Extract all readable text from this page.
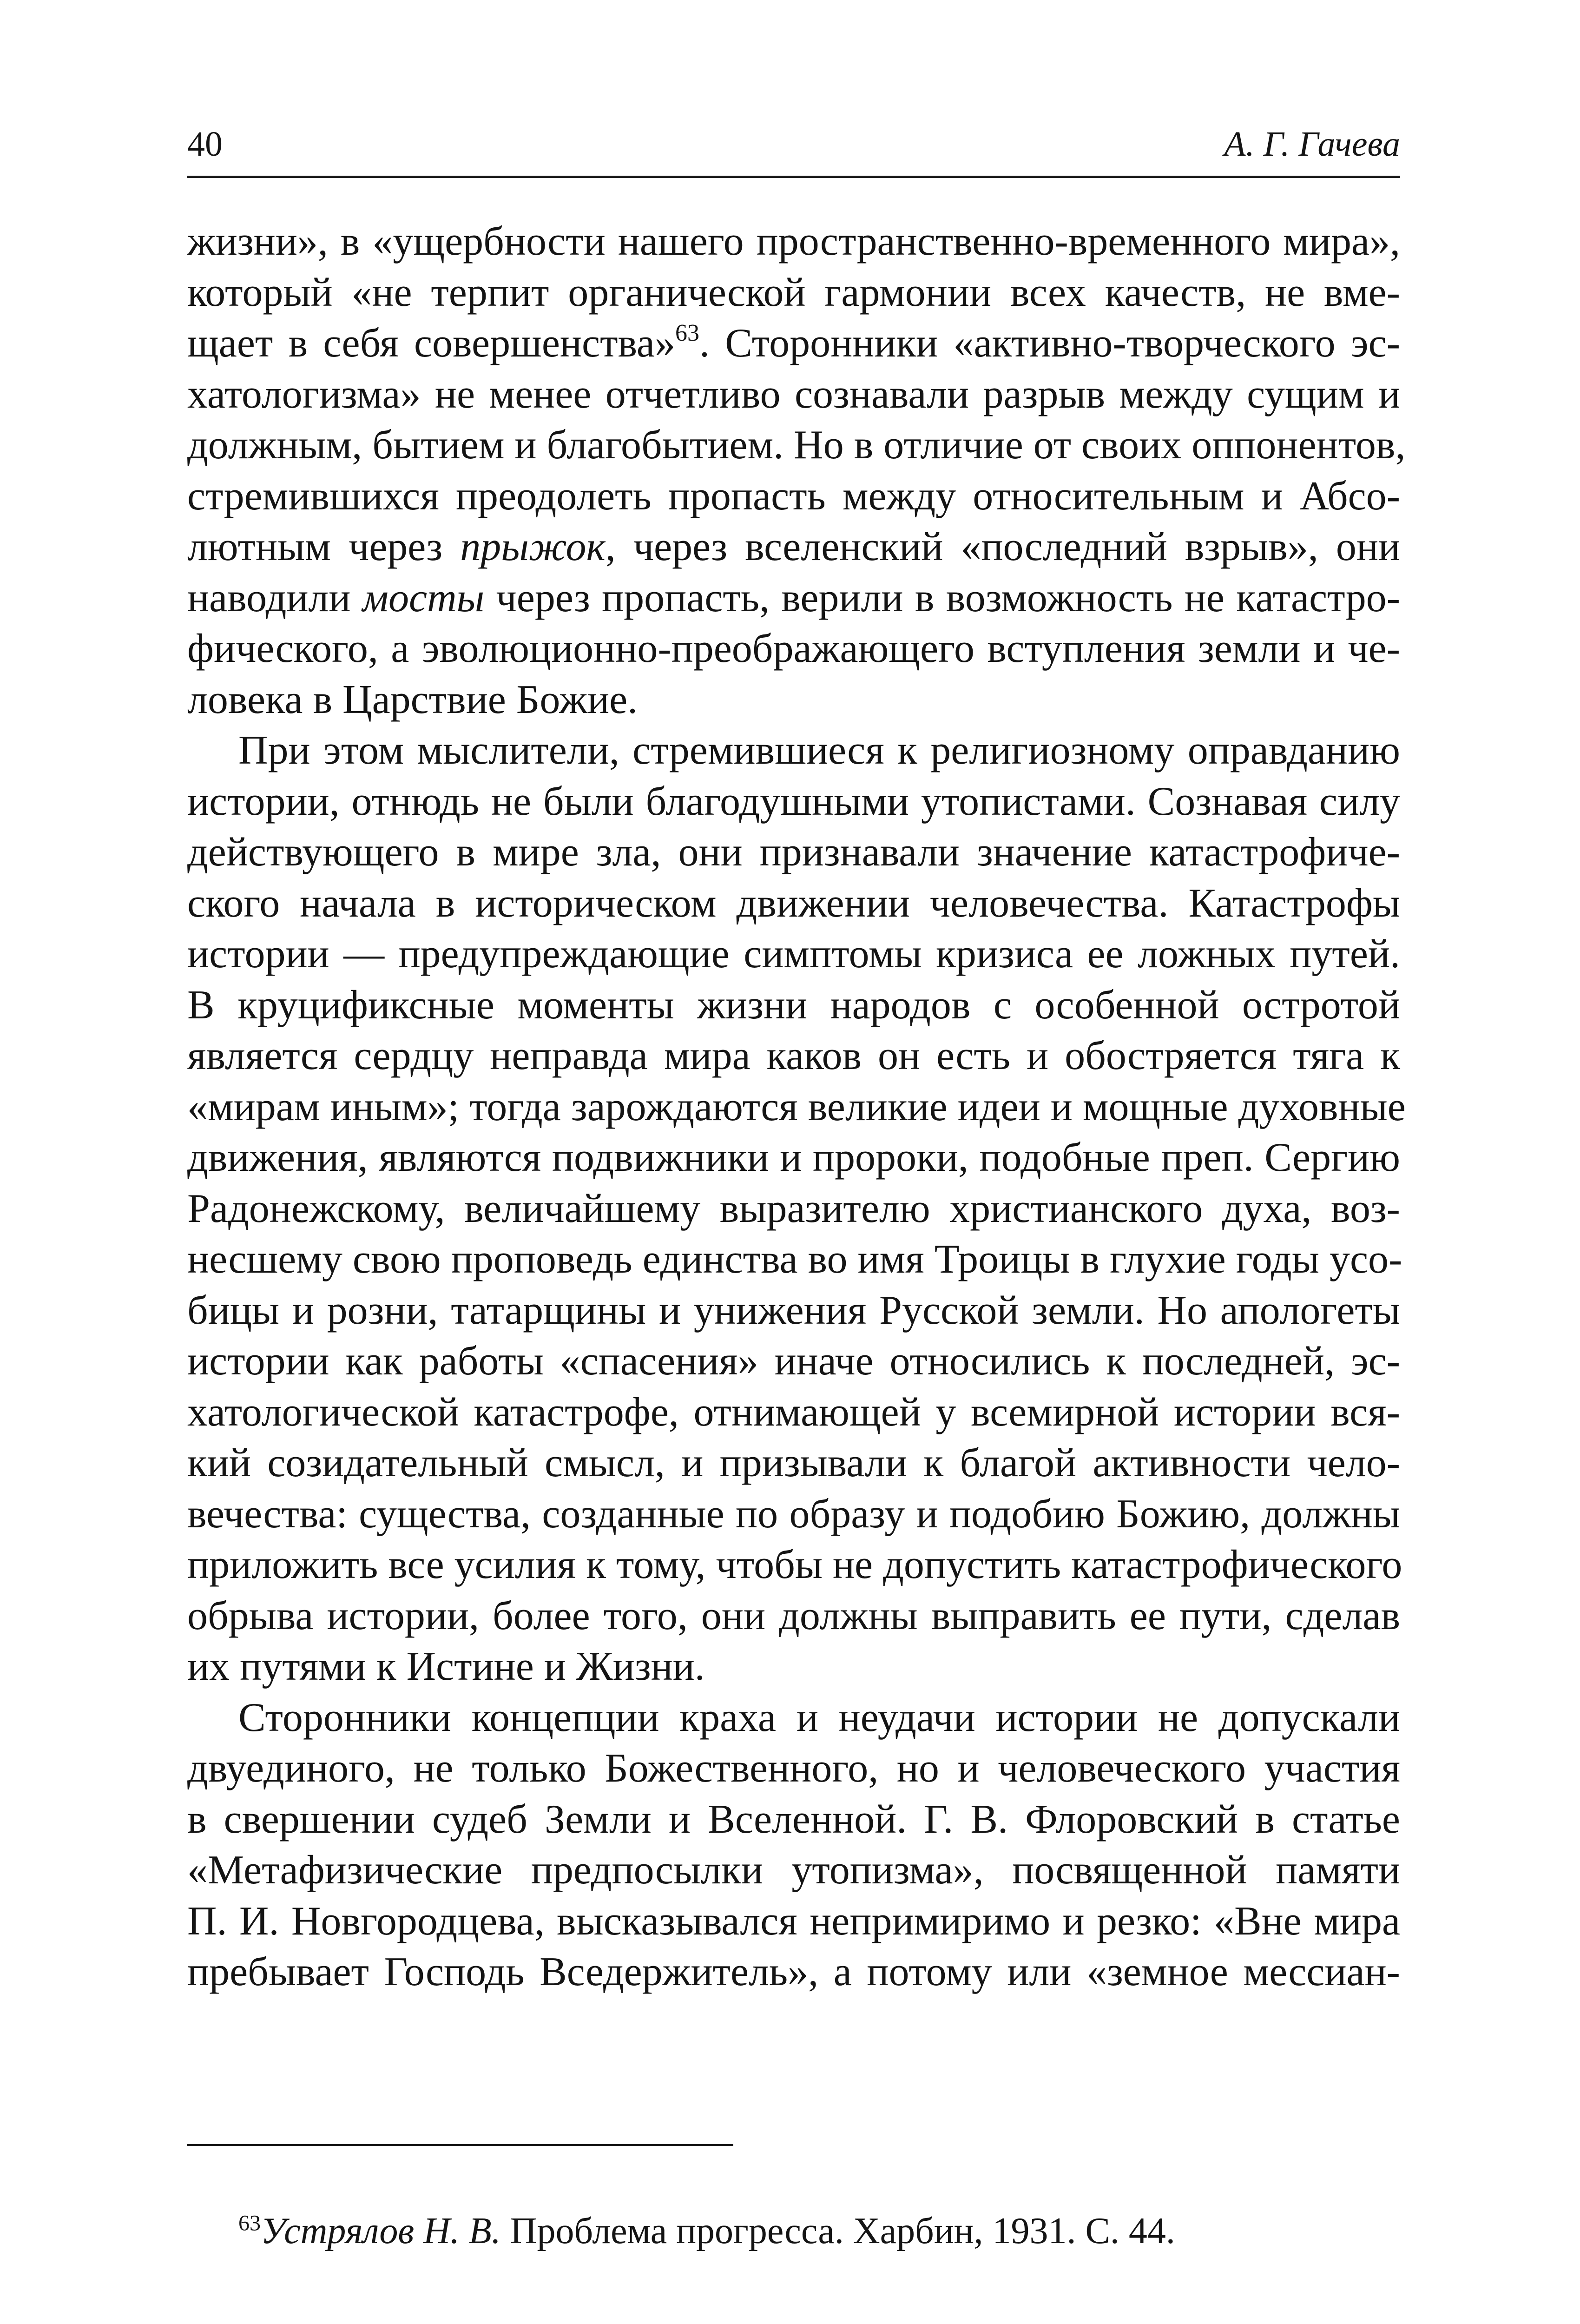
40	А. Г. Гачева
жизни», в «ущербности нашего пространственно-временного мира»,
который «не терпит органической гармонии всех качеств, не вме-
щает в себя совершенства»$^{63}$. Сторонники «активно-творческого эс-
хатологизма» не менее отчетливо сознавали разрыв между сущим и
должным, бытием и благобытием. Но в отличие от своих оппонентов,
стремившихся преодолеть пропасть между относительным и Абсо-
лютным через прыжок, через вселенский «последний взрыв», они
наводили мосты через пропасть, верили в возможность не катастро-
фического, а эволюционно-преображающего вступления земли и че-
ловека в Царствие Божие.
При этом мыслители, стремившиеся к религиозному оправданию
истории, отнюдь не были благодушными утопистами. Сознавая силу
действующего в мире зла, они признавали значение катастрофиче-
ского начала в историческом движении человечества. Катастрофы
истории — предупреждающие симптомы кризиса ее ложных путей.
В круцификсные моменты жизни народов с особенной остротой
является сердцу неправда мира каков он есть и обостряется тяга к
«мирам иным»; тогда зарождаются великие идеи и мощные духовные
движения, являются подвижники и пророки, подобные преп. Сергию
Радонежскому, величайшему выразителю христианского духа, воз-
несшему свою проповедь единства во имя Троицы в глухие годы усо-
бицы и розни, татарщины и унижения Русской земли. Но апологеты
истории как работы «спасения» иначе относились к последней, эс-
хатологической катастрофе, отнимающей у всемирной истории вся-
кий созидательный смысл, и призывали к благой активности чело-
вечества: существа, созданные по образу и подобию Божию, должны
приложить все усилия к тому, чтобы не допустить катастрофического
обрыва истории, более того, они должны выправить ее пути, сделав
их путями к Истине и Жизни.
Сторонники концепции краха и неудачи истории не допускали
двуединого, не только Божественного, но и человеческого участия
в свершении судеб Земли и Вселенной. Г. В. Флоровский в статье
«Метафизические предпосылки утопизма», посвященной памяти
П. И. Новгородцева, высказывался непримиримо и резко: «Вне мира
пребывает Господь Вседержитель», а потому или «земное мессиан-
$^{63}$Устрялов Н. В. Проблема прогресса. Харбин, 1931. С. 44.
